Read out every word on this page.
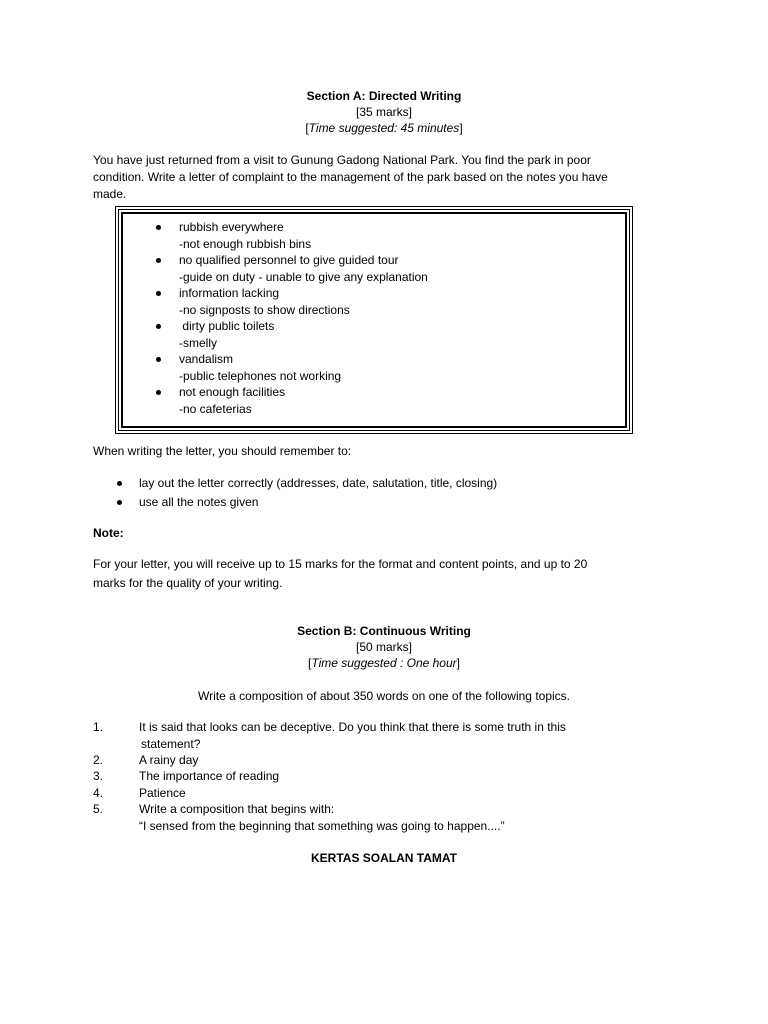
Section A: Directed Writing

[35 marks]

[Time suggested: 45 minutes]

You have just returned from a visit to Gunung Gadong National Park. You find the park in poor

condition. Write a letter of complaint to the management of the park based on the notes you have

made.

rubbish everywhere
-not enough rubbish bins
no qualified personnel to give guided tour
-guide on duty - unable to give any explanation
information lacking
-no signposts to show directions
dirty public toilets
-smelly
vandalism
-public telephones not working
not enough facilities
-no cafeterias

When writing the letter, you should remember to:

lay out the letter correctly (addresses, date, salutation, title, closing)
use all the notes given

Note:

For your letter, you will receive up to 15 marks for the format and content points, and up to 20

marks for the quality of your writing.

Section B: Continuous Writing

[50 marks]

[Time suggested : One hour]

Write a composition of about 350 words on one of the following topics.

1.	It is said that looks can be deceptive. Do you think that there is some truth in this
statement?
2.	A rainy day
3.	The importance of reading
4.	Patience
5.	Write a composition that begins with:
“I sensed from the beginning that something was going to happen....”

KERTAS SOALAN TAMAT
